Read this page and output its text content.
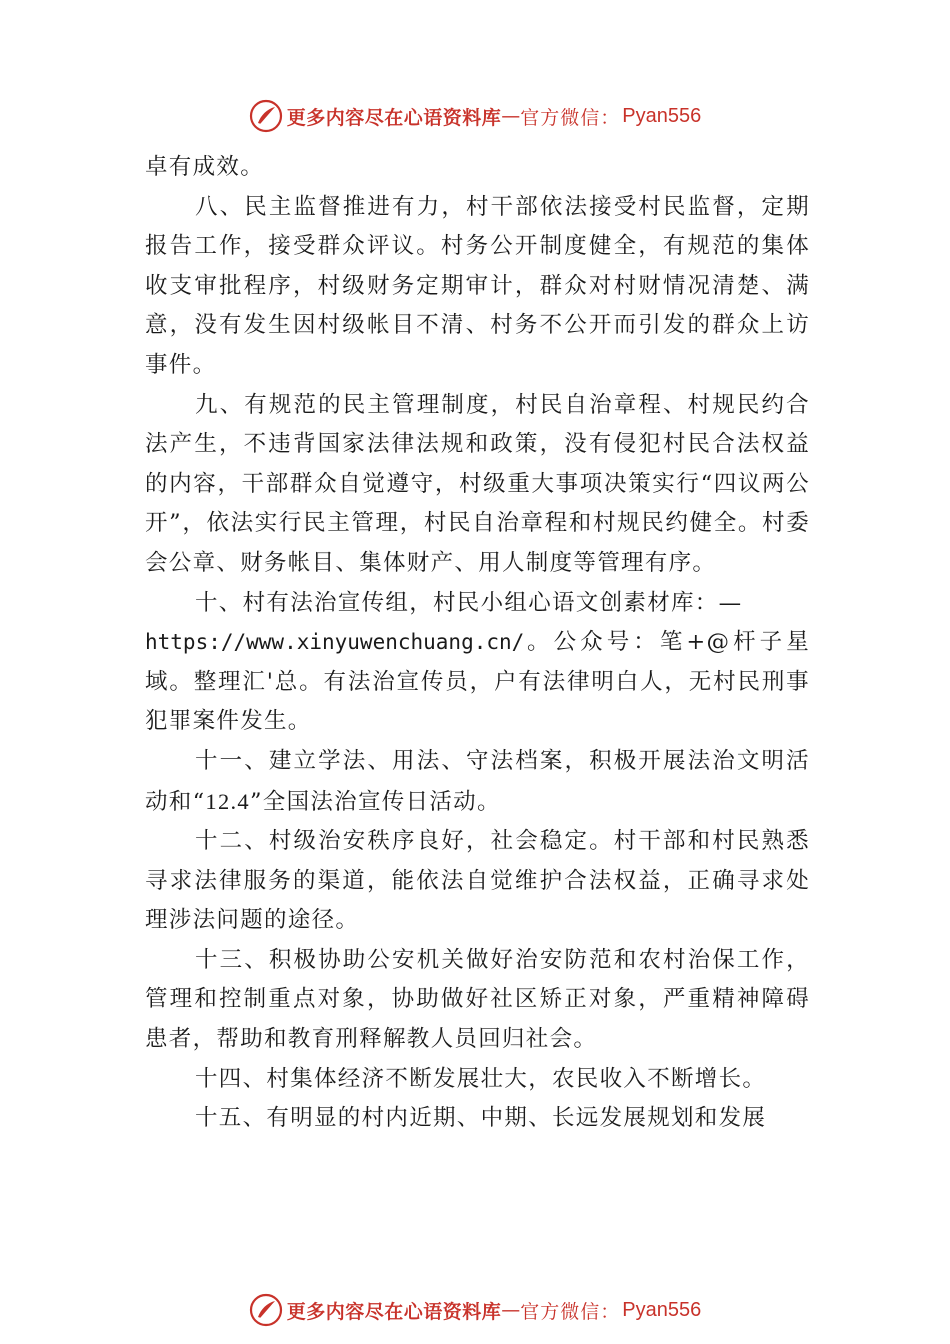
更多内容尽在心语资料库 — 官方微信： Pyan556

卓有成效。

八、民主监督推进有力，村干部依法接受村民监督，定期报告工作，接受群众评议。村务公开制度健全，有规范的集体收支审批程序，村级财务定期审计，群众对村财情况清楚、满意，没有发生因村级帐目不清、村务不公开而引发的群众上访事件。

九、有规范的民主管理制度，村民自治章程、村规民约合法产生，不违背国家法律法规和政策，没有侵犯村民合法权益的内容，干部群众自觉遵守，村级重大事项决策实行“四议两公开”，依法实行民主管理，村民自治章程和村规民约健全。村委会公章、财务帐目、集体财产、用人制度等管理有序。

十、村有法治宣传组，村民小组心语文创素材库：—
https://www.xinyuwenchuang.cn/。公众号：笔+@杆子星域。整理汇'总。有法治宣传员，户有法律明白人，无村民刑事犯罪案件发生。

十一、建立学法、用法、守法档案，积极开展法治文明活动和“12.4”全国法治宣传日活动。

十二、村级治安秩序良好，社会稳定。村干部和村民熟悉寻求法律服务的渠道，能依法自觉维护合法权益，正确寻求处理涉法问题的途径。

十三、积极协助公安机关做好治安防范和农村治保工作，管理和控制重点对象，协助做好社区矫正对象，严重精神障碍患者，帮助和教育刑释解教人员回归社会。

十四、村集体经济不断发展壮大，农民收入不断增长。

十五、有明显的村内近期、中期、长远发展规划和发展

更多内容尽在心语资料库 — 官方微信： Pyan556
